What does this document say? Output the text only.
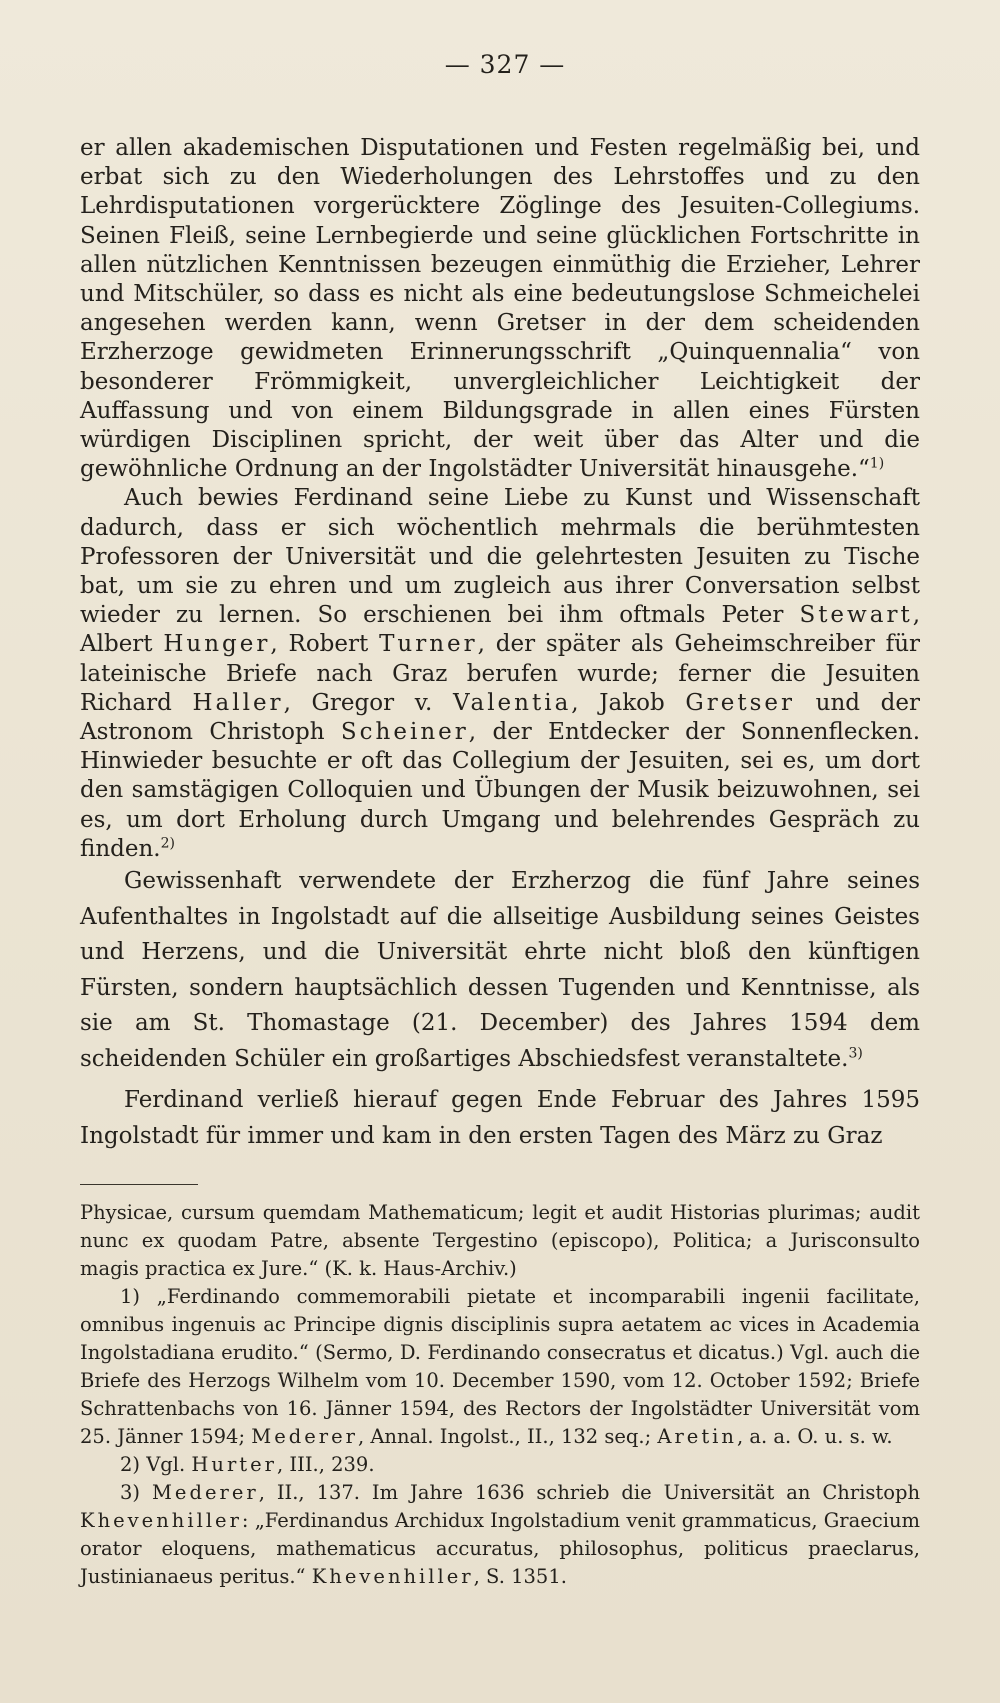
— 327 —

er allen akademischen Disputationen und Festen regelmäßig bei, und erbat sich zu den Wiederholungen des Lehrstoffes und zu den Lehrdisputationen vorgerücktere Zöglinge des Jesuiten-Collegiums. Seinen Fleiß, seine Lernbegierde und seine glücklichen Fortschritte in allen nützlichen Kenntnissen bezeugen einmüthig die Erzieher, Lehrer und Mitschüler, so dass es nicht als eine bedeutungslose Schmeichelei angesehen werden kann, wenn Gretser in der dem scheidenden Erzherzoge gewidmeten Erinnerungsschrift „Quinquennalia“ von besonderer Frömmigkeit, unvergleichlicher Leichtigkeit der Auffassung und von einem Bildungsgrade in allen eines Fürsten würdigen Disciplinen spricht, der weit über das Alter und die gewöhnliche Ordnung an der Ingolstädter Universität hinausgehe.“$^{1)}$

Auch bewies Ferdinand seine Liebe zu Kunst und Wissenschaft dadurch, dass er sich wöchentlich mehrmals die berühmtesten Professoren der Universität und die gelehrtesten Jesuiten zu Tische bat, um sie zu ehren und um zugleich aus ihrer Conversation selbst wieder zu lernen. So erschienen bei ihm oftmals Peter Stewart, Albert Hunger, Robert Turner, der später als Geheimschreiber für lateinische Briefe nach Graz berufen wurde; ferner die Jesuiten Richard Haller, Gregor v. Valentia, Jakob Gretser und der Astronom Christoph Scheiner, der Entdecker der Sonnenflecken. Hinwieder besuchte er oft das Collegium der Jesuiten, sei es, um dort den samstägigen Colloquien und Übungen der Musik beizuwohnen, sei es, um dort Erholung durch Umgang und belehrendes Gespräch zu finden.$^{2)}$

Gewissenhaft verwendete der Erzherzog die fünf Jahre seines Aufenthaltes in Ingolstadt auf die allseitige Ausbildung seines Geistes und Herzens, und die Universität ehrte nicht bloß den künftigen Fürsten, sondern hauptsächlich dessen Tugenden und Kenntnisse, als sie am St. Thomastage (21. December) des Jahres 1594 dem scheidenden Schüler ein großartiges Abschiedsfest veranstaltete.$^{3)}$

Ferdinand verließ hierauf gegen Ende Februar des Jahres 1595 Ingolstadt für immer und kam in den ersten Tagen des März zu Graz

Physicae, cursum quemdam Mathematicum; legit et audit Historias plurimas; audit nunc ex quodam Patre, absente Tergestino (episcopo), Politica; a Jurisconsulto magis practica ex Jure.“ (K. k. Haus-Archiv.)

1) „Ferdinando commemorabili pietate et incomparabili ingenii facilitate, omnibus ingenuis ac Principe dignis disciplinis supra aetatem ac vices in Academia Ingolstadiana erudito.“ (Sermo, D. Ferdinando consecratus et dicatus.) Vgl. auch die Briefe des Herzogs Wilhelm vom 10. December 1590, vom 12. October 1592; Briefe Schrattenbachs von 16. Jänner 1594, des Rectors der Ingolstädter Universität vom 25. Jänner 1594; Mederer, Annal. Ingolst., II., 132 seq.; Aretin, a. a. O. u. s. w.

2) Vgl. Hurter, III., 239.

3) Mederer, II., 137. Im Jahre 1636 schrieb die Universität an Christoph Khevenhiller: „Ferdinandus Archidux Ingolstadium venit grammaticus, Graecium orator eloquens, mathematicus accuratus, philosophus, politicus praeclarus, Justinianaeus peritus.“ Khevenhiller, S. 1351.
